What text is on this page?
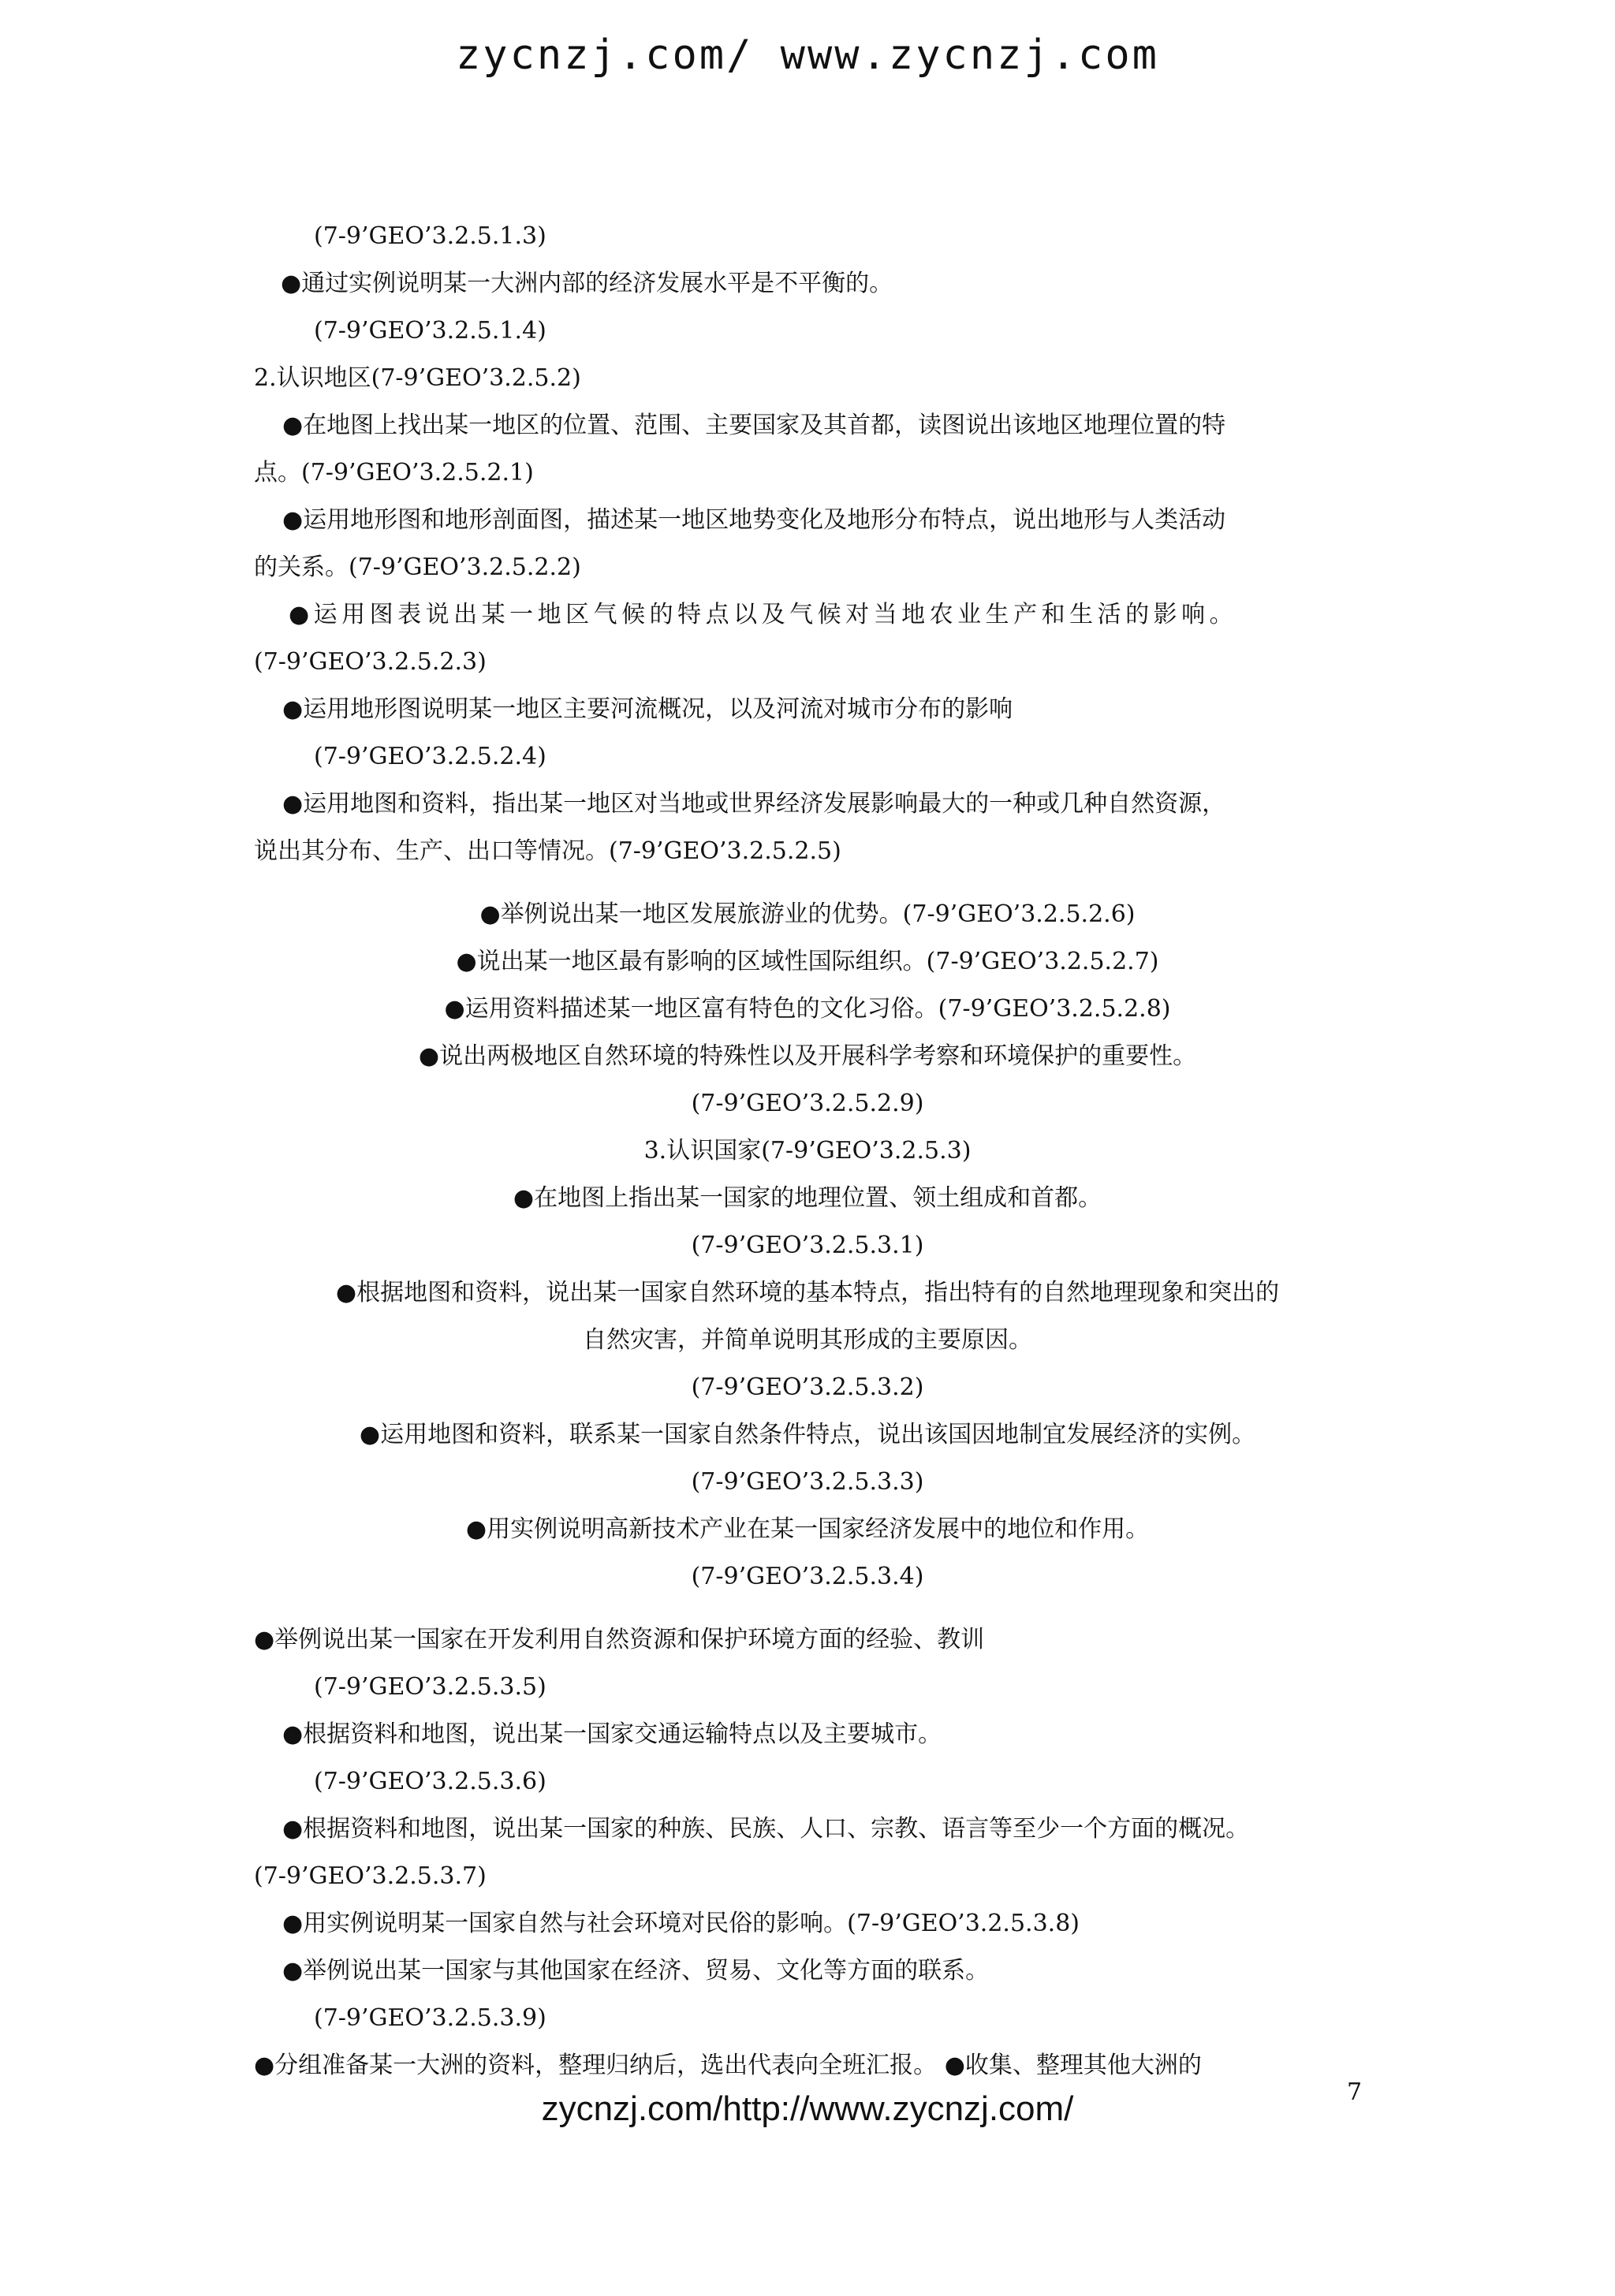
zycnzj.com/ www.zycnzj.com
(7-9’GEO’3.2.5.1.3)
●通过实例说明某一大洲内部的经济发展水平是不平衡的。
(7-9’GEO’3.2.5.1.4)
2.认识地区(7-9’GEO’3.2.5.2)
●在地图上找出某一地区的位置、范围、主要国家及其首都，读图说出该地区地理位置的特
点。(7-9’GEO’3.2.5.2.1)
●运用地形图和地形剖面图，描述某一地区地势变化及地形分布特点，说出地形与人类活动
的关系。(7-9’GEO’3.2.5.2.2)
●运用图表说出某一地区气候的特点以及气候对当地农业生产和生活的影响。
(7-9’GEO’3.2.5.2.3)
●运用地形图说明某一地区主要河流概况，以及河流对城市分布的影响
(7-9’GEO’3.2.5.2.4)
●运用地图和资料，指出某一地区对当地或世界经济发展影响最大的一种或几种自然资源，
说出其分布、生产、出口等情况。(7-9’GEO’3.2.5.2.5)
●举例说出某一地区发展旅游业的优势。(7-9’GEO’3.2.5.2.6)
●说出某一地区最有影响的区域性国际组织。(7-9’GEO’3.2.5.2.7)
●运用资料描述某一地区富有特色的文化习俗。(7-9’GEO’3.2.5.2.8)
●说出两极地区自然环境的特殊性以及开展科学考察和环境保护的重要性。
(7-9’GEO’3.2.5.2.9)
3.认识国家(7-9’GEO’3.2.5.3)
●在地图上指出某一国家的地理位置、领土组成和首都。
(7-9’GEO’3.2.5.3.1)
●根据地图和资料，说出某一国家自然环境的基本特点，指出特有的自然地理现象和突出的
自然灾害，并简单说明其形成的主要原因。
(7-9’GEO’3.2.5.3.2)
●运用地图和资料，联系某一国家自然条件特点，说出该国因地制宜发展经济的实例。
(7-9’GEO’3.2.5.3.3)
●用实例说明高新技术产业在某一国家经济发展中的地位和作用。
(7-9’GEO’3.2.5.3.4)
●举例说出某一国家在开发利用自然资源和保护环境方面的经验、教训
(7-9’GEO’3.2.5.3.5)
●根据资料和地图，说出某一国家交通运输特点以及主要城市。
(7-9’GEO’3.2.5.3.6)
●根据资料和地图，说出某一国家的种族、民族、人口、宗教、语言等至少一个方面的概况。
(7-9’GEO’3.2.5.3.7)
●用实例说明某一国家自然与社会环境对民俗的影响。(7-9’GEO’3.2.5.3.8)
●举例说出某一国家与其他国家在经济、贸易、文化等方面的联系。
(7-9’GEO’3.2.5.3.9)
●分组准备某一大洲的资料，整理归纳后，选出代表向全班汇报。 ●收集、整理其他大洲的
7
zycnzj.com/http://www.zycnzj.com/
